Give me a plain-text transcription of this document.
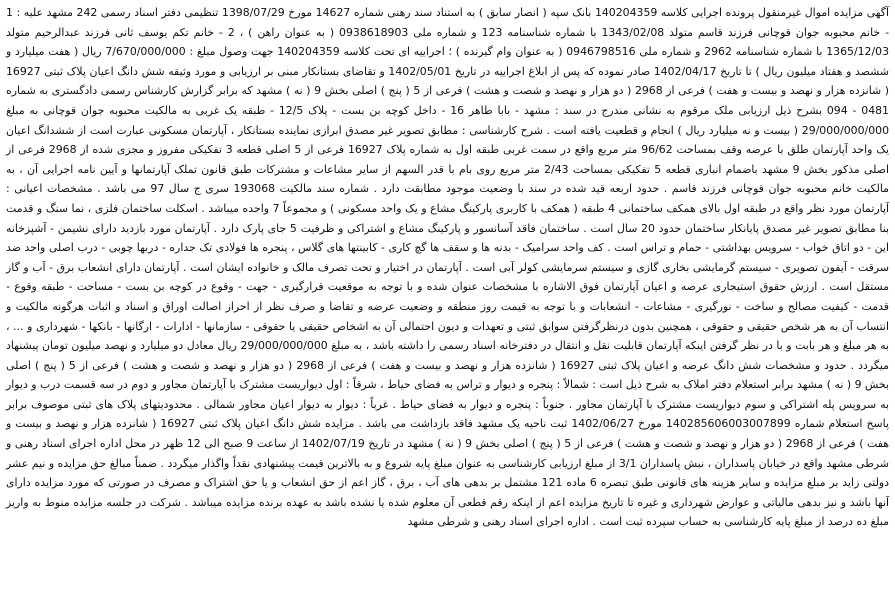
آگهی مزایده اموال غیرمنقول پرونده اجرایی کلاسه 140204359 بانک سپه ( انصار سابق ) به استناد سند رهنی شماره 14627 مورخ 1398/07/29 تنظیمی دفتر اسناد رسمی 242 مشهد علیه : 1 - خانم محبوبه جوان قوچانی فرزند قاسم متولد 1343/02/08 با شماره شناسنامه 123 و شماره ملی 0938618903 ( به عنوان راهن ) ، 2 - خانم تکم یوسف ثانی فرزند عبدالرحیم متولد 1365/12/03 با شماره شناسنامه 2962 و شماره ملی 0946798516 ( به عنوان وام گیرنده ) ؛ اجراییه ای تحت کلاسه 140204359 جهت وصول مبلغ : 7/670/000/000 ریال ( هفت میلیارد و ششصد و هفتاد میلیون ریال ) تا تاریخ 1402/04/17 صادر نموده که پس از ابلاغ اجراییه در تاریخ 1402/05/01 و تقاضای بستانکار مبنی بر ارزیابی و مورد وثیقه شش دانگ اعیان پلاک ثبتی 16927 ( شانزده هزار و نهصد و بیست و هفت ) فرعی از 2968 ( دو هزار و نهصد و شصت و هشت ) فرعی از 5 ( پنج ) اصلی بخش 9 ( نه ) مشهد که برابر گزارش کارشناس رسمی دادگستری به شماره 0481 - 094 بشرح ذیل ارزیابی ملک مرقوم به نشانی مندرج در سند : مشهد - بابا طاهر 16 - داخل کوچه بن بست - پلاک 12/5 - طبقه یک غربی به مالکیت محبوبه جوان قوچانی به مبلغ 29/000/000/000 ( بیست و نه میلیارد ریال ) انجام و قطعیت یافته است . شرح کارشناسی : مطابق تصویر غیر مصدق ابرازی نماینده بستانکار ، آپارتمان مسکونی عبارت است از ششدانگ اعیان یک واحد آپارتمان طلق با عرصه وقف بمساحت 96/62 متر مربع واقع در سمت غربی طبقه اول به شماره پلاک 16927 فرعی از 5 اصلی قطعه 3 تفکیکی مفروز و مجزی شده از 2968 فرعی از اصلی مذکور بخش 9 مشهد باضمام انباری قطعه 5 تفکیکی بمساحت 2/43 متر مربع روی بام با قدر السهم از سایر مشاعات و مشترکات طبق قانون تملک آپارتمانها و آیین نامه اجرایی آن ، به مالکیت خانم محبوبه جوان قوچانی فرزند قاسم . حدود اربعه قید شده در سند با وضعیت موجود مطابقت دارد . شماره سند مالکیت 193068 سری ج سال 97 می باشد . مشخصات اعیانی : آپارتمان مورد نظر واقع در طبقه اول بالای همکف ساختمانی 4 طبقه ( همکف با کاربری پارکینگ مشاع و یک واحد مسکونی ) و مجموعاً 7 واحده میباشد . اسکلت ساختمان فلزی ، نما سنگ و قدمت بنا مطابق تصویر غیر مصدق پایانکار ساختمان حدود 20 سال است . ساختمان فاقد آسانسور و پارکینگ مشاع و اشتراکی و ظرفیت 5 جای پارک دارد . آپارتمان مورد بازدید دارای نشیمن - آشپزخانه این - دو اتاق خواب - سرویس بهداشتی - حمام و تراس است . کف واحد سرامیک - بدنه ها و سقف ها گچ کاری - کابینتها های گلاس ، پنجره ها فولادی تک جداره - دربها چوبی - درب اصلی واحد ضد سرقت - آیفون تصویری - سیستم گرمایشی بخاری گازی و سیستم سرمایشی کولر آبی است . آپارتمان در اختیار و تحت تصرف مالک و خانواده ایشان است . آپارتمان دارای انشعاب برق - آب و گاز مستقل است . ارزش حقوق استیجاری عرصه و اعیان آپارتمان فوق الاشاره با مشخصات عنوان شده و با توجه به موقعیت قرارگیری - جهت - وقوع در کوچه بن بست - مساحت - طبقه وقوع - قدمت - کیفیت مصالح و ساخت - نورگیری - مشاعات - انشعابات و با توجه به قیمت روز منطقه و وضعیت عرضه و تقاضا و صرف نظر از احراز اصالت اوراق و اسناد و اثبات هرگونه مالکیت و انتساب آن به هر شخص حقیقی و حقوقی ، همچنین بدون درنظرگرفتن سوابق ثبتی و تعهدات و دیون احتمالی آن به اشخاص حقیقی یا حقوقی - سازمانها - ادارات - ارگانها - بانکها - شهرداری و ... ، به هر مبلغ و هر بابت و با در نظر گرفتن اینکه آپارتمان قابلیت نقل و انتقال در دفترخانه اسناد رسمی را داشته باشد ، به مبلغ 29/000/000/000 ریال معادل دو میلیارد و نهصد میلیون تومان پیشنهاد میگردد . حدود و مشخصات شش دانگ عرصه و اعیان پلاک ثبتی 16927 ( شانزده هزار و نهصد و بیست و هفت ) فرعی از 2968 ( دو هزار و نهصد و شصت و هشت ) فرعی از 5 ( پنج ) اصلی بخش 9 ( نه ) مشهد برابر استعلام دفتر املاک به شرح ذیل است : شمالاً : پنجره و دیوار و تراس به فضای حیاط ، شرقاً : اول دیواریست مشترک با آپارتمان مجاور و دوم در سه قسمت درب و دیوار به سرویس پله اشتراکی و سوم دیواریست مشترک با آپارتمان مجاور . جنوباً : پنجره و دیوار به فضای حیاط . غرباً : دیوار به دیوار اعیان مجاور شمالی . محدودیتهای پلاک های ثبتی موصوف برابر پاسخ استعلام شماره 140285606003007899 مورخ 1402/06/27 ثبت ناحیه یک مشهد فاقد بازداشت می باشد . مزایده شش دانگ اعیان پلاک ثبتی 16927 ( شانزده هزار و نهصد و بیست و هفت ) فرعی از 2968 ( دو هزار و نهصد و شصت و هشت ) فرعی از 5 ( پنج ) اصلی بخش 9 ( نه ) مشهد در تاریخ 1402/07/19 از ساعت 9 صبح الی 12 ظهر در محل اداره اجرای اسناد رهنی و شرطی مشهد واقع در خیابان پاسداران ، نبش پاسداران 3/1 از مبلغ ارزیابی کارشناسی به عنوان مبلغ پایه شروع و به بالاترین قیمت پیشنهادی نقداً واگذار میگردد . ضمناً مبالغ حق مزایده و نیم عشر دولتی زاید بر مبلغ مزایده و سایر هزینه های قانونی طبق تبصره 6 ماده 121 مشتمل بر بدهی های آب ، برق ، گاز اعم از حق انشعاب و یا حق اشتراک و مصرف در صورتی که مورد مزایده دارای آنها باشد و نیز بدهی مالیاتی و عوارض شهرداری و غیره تا تاریخ مزایده اعم از اینکه رقم قطعی آن معلوم شده یا نشده باشد به عهده برنده مزایده میباشد . شرکت در جلسه مزایده منوط به واریز مبلغ ده درصد از مبلغ پایه کارشناسی به حساب سپرده ثبت است . اداره اجرای اسناد رهنی و شرطی مشهد
